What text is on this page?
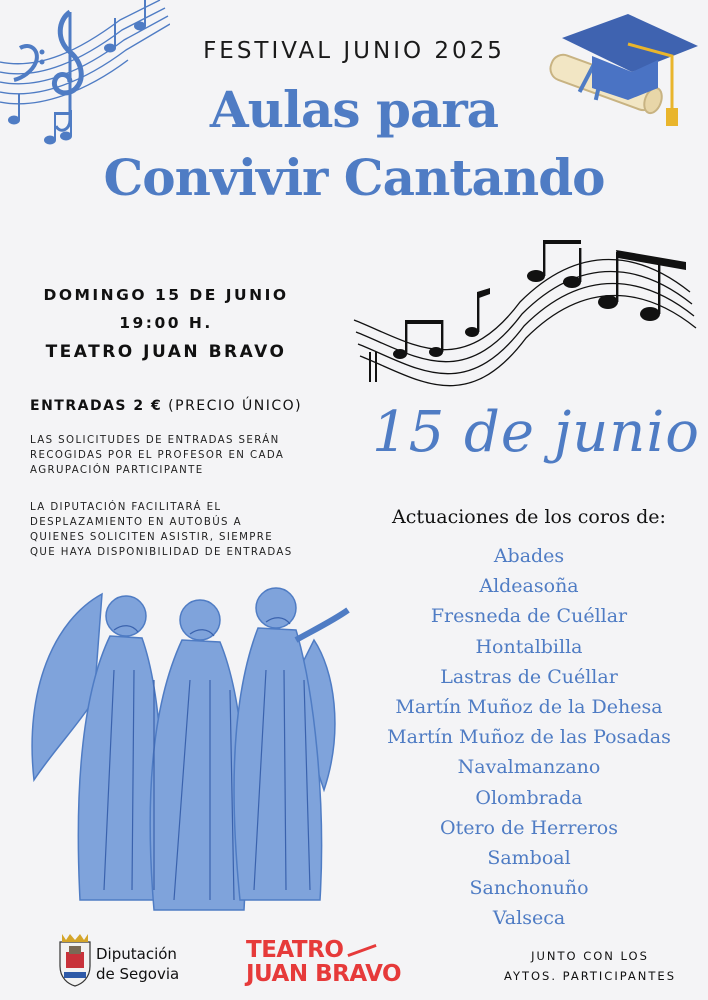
FESTIVAL JUNIO 2025
Aulas para
Convivir Cantando
DOMINGO 15 DE JUNIO
19:00 H.
TEATRO JUAN BRAVO
ENTRADAS 2 € (PRECIO ÚNICO)
LAS SOLICITUDES DE ENTRADAS SERÁN
RECOGIDAS POR EL PROFESOR EN CADA
AGRUPACIÓN PARTICIPANTE
LA DIPUTACIÓN FACILITARÁ EL
DESPLAZAMIENTO EN AUTOBÚS A
QUIENES SOLICITEN ASISTIR, SIEMPRE
QUE HAYA DISPONIBILIDAD DE ENTRADAS
15 de junio
Actuaciones de los coros de:
Abades
Aldeasoña
Fresneda de Cuéllar
Hontalbilla
Lastras de Cuéllar
Martín Muñoz de la Dehesa
Martín Muñoz de las Posadas
Navalmanzano
Olombrada
Otero de Herreros
Samboal
Sanchonuño
Valseca
Diputación
de Segovia
TEATRO
JUAN BRAVO
JUNTO CON LOS
AYTOS. PARTICIPANTES
